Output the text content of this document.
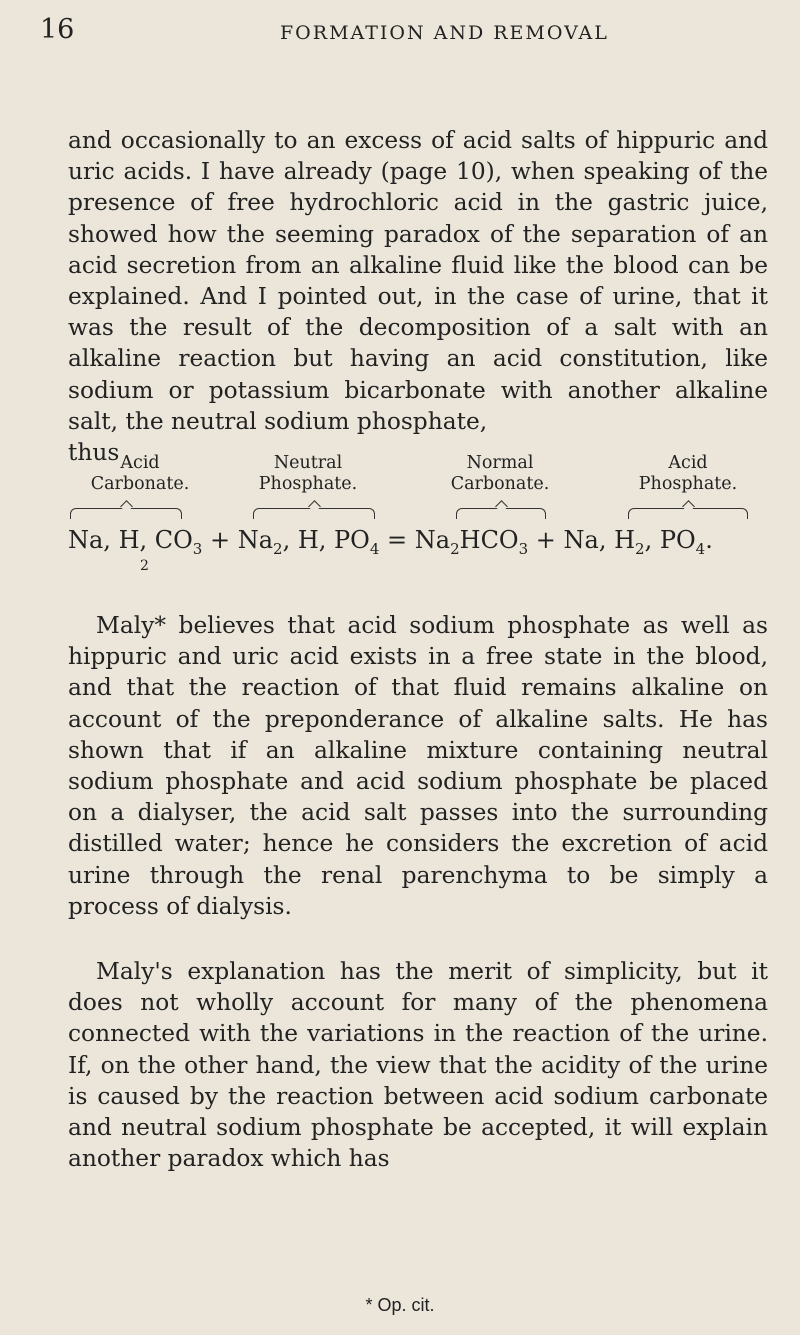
16	FORMATION AND REMOVAL
and occasionally to an excess of acid salts of hippuric and uric acids. I have already (page 10), when speaking of the presence of free hydrochloric acid in the gastric juice, showed how the seeming paradox of the separation of an acid secretion from an alkaline fluid like the blood can be explained. And I pointed out, in the case of urine, that it was the result of the decomposition of a salt with an alkaline reaction but having an acid constitution, like sodium or potassium bicarbonate with another alkaline salt, the neutral sodium phosphate,
thus Acid
Carbonate.
Neutral
Phosphate.
Normal
Carbonate.
Acid
Phosphate.
Na, H, $CO_3 + Na_2$, H, $PO_4 = Na_2HCO_3 + Na$, $H_2$, $PO_4$.
2
Maly* believes that acid sodium phosphate as well as hippuric and uric acid exists in a free state in the blood, and that the reaction of that fluid remains alkaline on account of the preponderance of alkaline salts. He has shown that if an alkaline mixture containing neutral sodium phosphate and acid sodium phosphate be placed on a dialyser, the acid salt passes into the surrounding distilled water; hence he considers the excretion of acid urine through the renal parenchyma to be simply a process of dialysis.
Maly's explanation has the merit of simplicity, but it does not wholly account for many of the phenomena connected with the variations in the reaction of the urine. If, on the other hand, the view that the acidity of the urine is caused by the reaction between acid sodium carbonate and neutral sodium phosphate be accepted, it will explain another paradox which has
* Op. cit.
